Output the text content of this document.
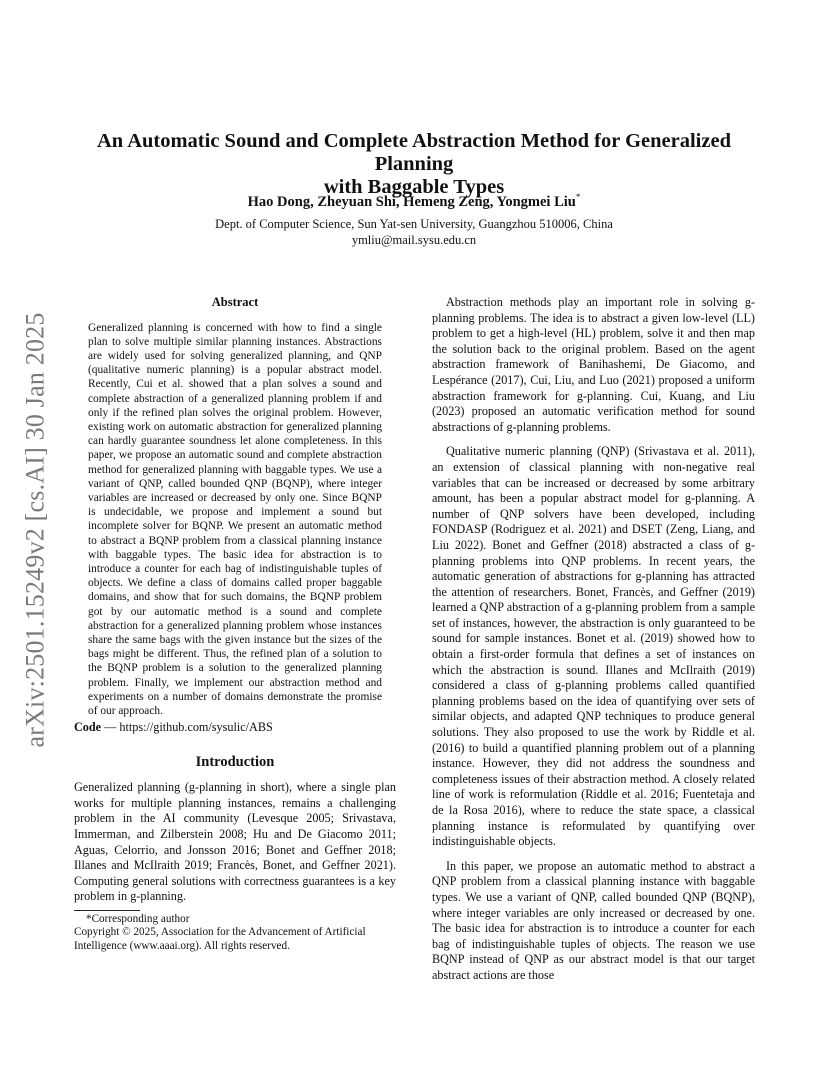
arXiv:2501.15249v2 [cs.AI] 30 Jan 2025
An Automatic Sound and Complete Abstraction Method for Generalized Planning
with Baggable Types
Hao Dong, Zheyuan Shi, Hemeng Zeng, Yongmei Liu*
Dept. of Computer Science, Sun Yat-sen University, Guangzhou 510006, China
ymliu@mail.sysu.edu.cn
Abstract

Generalized planning is concerned with how to find a single plan to solve multiple similar planning instances. Abstractions are widely used for solving generalized planning, and QNP (qualitative numeric planning) is a popular abstract model. Recently, Cui et al. showed that a plan solves a sound and complete abstraction of a generalized planning problem if and only if the refined plan solves the original problem. However, existing work on automatic abstraction for generalized planning can hardly guarantee soundness let alone completeness. In this paper, we propose an automatic sound and complete abstraction method for generalized planning with baggable types. We use a variant of QNP, called bounded QNP (BQNP), where integer variables are increased or decreased by only one. Since BQNP is undecidable, we propose and implement a sound but incomplete solver for BQNP. We present an automatic method to abstract a BQNP problem from a classical planning instance with baggable types. The basic idea for abstraction is to introduce a counter for each bag of indistinguishable tuples of objects. We define a class of domains called proper baggable domains, and show that for such domains, the BQNP problem got by our automatic method is a sound and complete abstraction for a generalized planning problem whose instances share the same bags with the given instance but the sizes of the bags might be different. Thus, the refined plan of a solution to the BQNP problem is a solution to the generalized planning problem. Finally, we implement our abstraction method and experiments on a number of domains demonstrate the promise of our approach.

Code — https://github.com/sysulic/ABS

Introduction

Generalized planning (g-planning in short), where a single plan works for multiple planning instances, remains a challenging problem in the AI community (Levesque 2005; Srivastava, Immerman, and Zilberstein 2008; Hu and De Giacomo 2011; Aguas, Celorrio, and Jonsson 2016; Bonet and Geffner 2018; Illanes and McIlraith 2019; Francès, Bonet, and Geffner 2021). Computing general solutions with correctness guarantees is a key problem in g-planning.

*Corresponding author

Copyright © 2025, Association for the Advancement of Artificial Intelligence (www.aaai.org). All rights reserved.

Abstraction methods play an important role in solving g-planning problems. The idea is to abstract a given low-level (LL) problem to get a high-level (HL) problem, solve it and then map the solution back to the original problem. Based on the agent abstraction framework of Banihashemi, De Giacomo, and Lespérance (2017), Cui, Liu, and Luo (2021) proposed a uniform abstraction framework for g-planning. Cui, Kuang, and Liu (2023) proposed an automatic verification method for sound abstractions of g-planning problems.

Qualitative numeric planning (QNP) (Srivastava et al. 2011), an extension of classical planning with non-negative real variables that can be increased or decreased by some arbitrary amount, has been a popular abstract model for g-planning. A number of QNP solvers have been developed, including FONDASP (Rodriguez et al. 2021) and DSET (Zeng, Liang, and Liu 2022). Bonet and Geffner (2018) abstracted a class of g-planning problems into QNP problems. In recent years, the automatic generation of abstractions for g-planning has attracted the attention of researchers. Bonet, Francès, and Geffner (2019) learned a QNP abstraction of a g-planning problem from a sample set of instances, however, the abstraction is only guaranteed to be sound for sample instances. Bonet et al. (2019) showed how to obtain a first-order formula that defines a set of instances on which the abstraction is sound. Illanes and McIlraith (2019) considered a class of g-planning problems called quantified planning problems based on the idea of quantifying over sets of similar objects, and adapted QNP techniques to produce general solutions. They also proposed to use the work by Riddle et al. (2016) to build a quantified planning problem out of a planning instance. However, they did not address the soundness and completeness issues of their abstraction method. A closely related line of work is reformulation (Riddle et al. 2016; Fuentetaja and de la Rosa 2016), where to reduce the state space, a classical planning instance is reformulated by quantifying over indistinguishable objects.

In this paper, we propose an automatic method to abstract a QNP problem from a classical planning instance with baggable types. We use a variant of QNP, called bounded QNP (BQNP), where integer variables are only increased or decreased by one. The basic idea for abstraction is to introduce a counter for each bag of indistinguishable tuples of objects. The reason we use BQNP instead of QNP as our abstract model is that our target abstract actions are those
